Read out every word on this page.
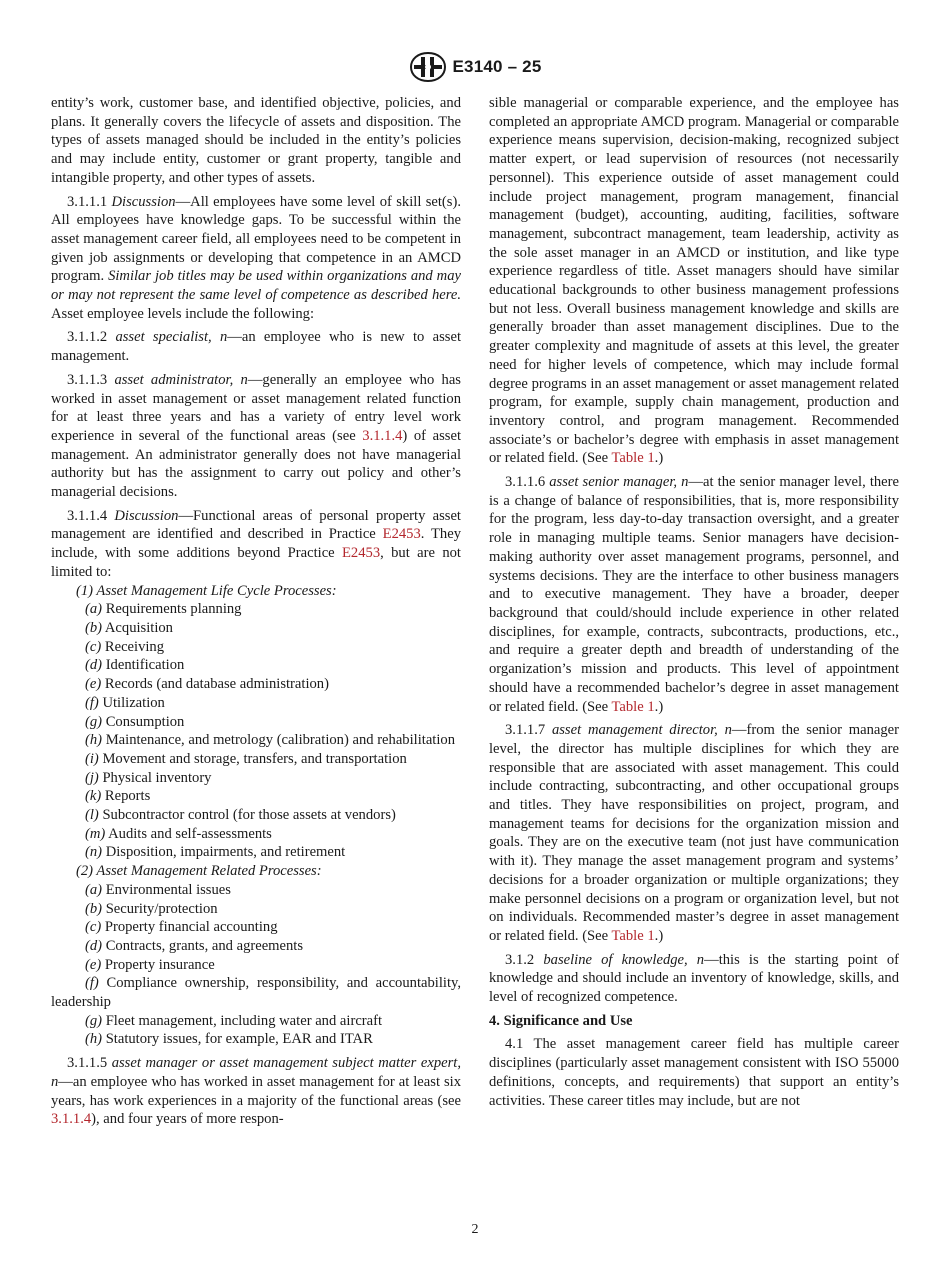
E3140 – 25

entity’s work, customer base, and identified objective, policies, and plans. It generally covers the lifecycle of assets and disposition. The types of assets managed should be included in the entity’s policies and may include entity, customer or grant property, tangible and intangible property, and other types of assets.

3.1.1.1 Discussion—All employees have some level of skill set(s). All employees have knowledge gaps. To be successful within the asset management career field, all employees need to be competent in given job assignments or developing that competence in an AMCD program. Similar job titles may be used within organizations and may or may not represent the same level of competence as described here. Asset employee levels include the following:

3.1.1.2 asset specialist, n—an employee who is new to asset management.

3.1.1.3 asset administrator, n—generally an employee who has worked in asset management or asset management related function for at least three years and has a variety of entry level work experience in several of the functional areas (see 3.1.1.4) of asset management. An administrator generally does not have managerial authority but has the assignment to carry out policy and other’s managerial decisions.

3.1.1.4 Discussion—Functional areas of personal property asset management are identified and described in Practice E2453. They include, with some additions beyond Practice E2453, but are not limited to:

(1) Asset Management Life Cycle Processes:

(a) Requirements planning

(b) Acquisition

(c) Receiving

(d) Identification

(e) Records (and database administration)

(f) Utilization

(g) Consumption

(h) Maintenance, and metrology (calibration) and rehabilitation

(i) Movement and storage, transfers, and transportation

(j) Physical inventory

(k) Reports

(l) Subcontractor control (for those assets at vendors)

(m) Audits and self-assessments

(n) Disposition, impairments, and retirement

(2) Asset Management Related Processes:

(a) Environmental issues

(b) Security/protection

(c) Property financial accounting

(d) Contracts, grants, and agreements

(e) Property insurance

(f) Compliance ownership, responsibility, and accountability, leadership

(g) Fleet management, including water and aircraft

(h) Statutory issues, for example, EAR and ITAR

3.1.1.5 asset manager or asset management subject matter expert, n—an employee who has worked in asset management for at least six years, has work experiences in a majority of the functional areas (see 3.1.1.4), and four years of more respon-

sible managerial or comparable experience, and the employee has completed an appropriate AMCD program. Managerial or comparable experience means supervision, decision-making, recognized subject matter expert, or lead supervision of resources (not necessarily personnel). This experience outside of asset management could include project management, program management, financial management (budget), accounting, auditing, facilities, software management, subcontract management, team leadership, activity as the sole asset manager in an AMCD or institution, and like type experience regardless of title. Asset managers should have similar educational backgrounds to other business management professions but not less. Overall business management knowledge and skills are generally broader than asset management disciplines. Due to the greater complexity and magnitude of assets at this level, the greater need for higher levels of competence, which may include formal degree programs in an asset management or asset management related program, for example, supply chain management, production and inventory control, and program management. Recommended associate’s or bachelor’s degree with emphasis in asset management or related field. (See Table 1.)

3.1.1.6 asset senior manager, n—at the senior manager level, there is a change of balance of responsibilities, that is, more responsibility for the program, less day-to-day transaction oversight, and a greater role in managing multiple teams. Senior managers have decision-making authority over asset management programs, personnel, and systems decisions. They are the interface to other business managers and to executive management. They have a broader, deeper background that could/should include experience in other related disciplines, for example, contracts, subcontracts, productions, etc., and require a greater depth and breadth of understanding of the organization’s mission and products. This level of appointment should have a recommended bachelor’s degree in asset management or related field. (See Table 1.)

3.1.1.7 asset management director, n—from the senior manager level, the director has multiple disciplines for which they are responsible that are associated with asset management. This could include contracting, subcontracting, and other occupational groups and titles. They have responsibilities on project, program, and management teams for decisions for the organization mission and goals. They are on the executive team (not just have communication with it). They manage the asset management program and systems’ decisions for a broader organization or multiple organizations; they make personnel decisions on a program or organization level, but not on individuals. Recommended master’s degree in asset management or related field. (See Table 1.)

3.1.2 baseline of knowledge, n—this is the starting point of knowledge and should include an inventory of knowledge, skills, and level of recognized competence.

4. Significance and Use

4.1 The asset management career field has multiple career disciplines (particularly asset management consistent with ISO 55000 definitions, concepts, and requirements) that support an entity’s activities. These career titles may include, but are not

2
